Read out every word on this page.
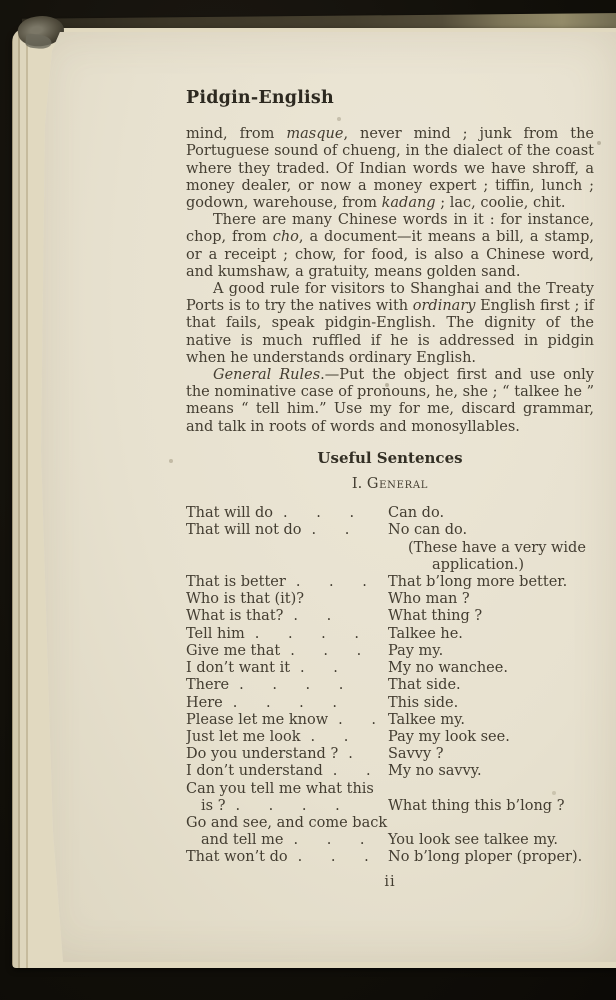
Pidgin-English

mind, from masque, never mind ; junk from the Portuguese sound of chueng, in the dialect of the coast where they traded. Of Indian words we have shroff, a money dealer, or now a money expert ; tiffin, lunch ; godown, warehouse, from kadang ; lac, coolie, chit.

There are many Chinese words in it : for instance, chop, from cho, a document—it means a bill, a stamp, or a receipt ; chow, for food, is also a Chinese word, and kumshaw, a gratuity, means golden sand.

A good rule for visitors to Shanghai and the Treaty Ports is to try the natives with ordinary English first ; if that fails, speak pidgin-English. The dignity of the native is much ruffled if he is addressed in pidgin when he understands ordinary English.

General Rules.—Put the object first and use only the nominative case of pronouns, he, she ; “ talkee he ” means “ tell him.” Use my for me, discard grammar, and talk in roots of words and monosyllables.

Useful Sentences
I. General
That will do . . .	Can do.
That will not do . .	No can do.
(These have a very wide
application.)
That is better . . .	That b’long more better.
Who is that (it)?	Who man ?
What is that? . .	What thing ?
Tell him . . . .	Talkee he.
Give me that . . .	Pay my.
I don’t want it . .	My no wanchee.
There . . . .	That side.
Here . . . .	This side.
Please let me know . . Talkee my.
Just let me look . .	Pay my look see.
Do you understand ? .	Savvy ?
I don’t understand . .	My no savvy.
Can you tell me what this
is ? . . . .	What thing this b’long ?
Go and see, and come back
and tell me . . .	You look see talkee my.
That won’t do . . .	No b’long ploper (proper).
ii
